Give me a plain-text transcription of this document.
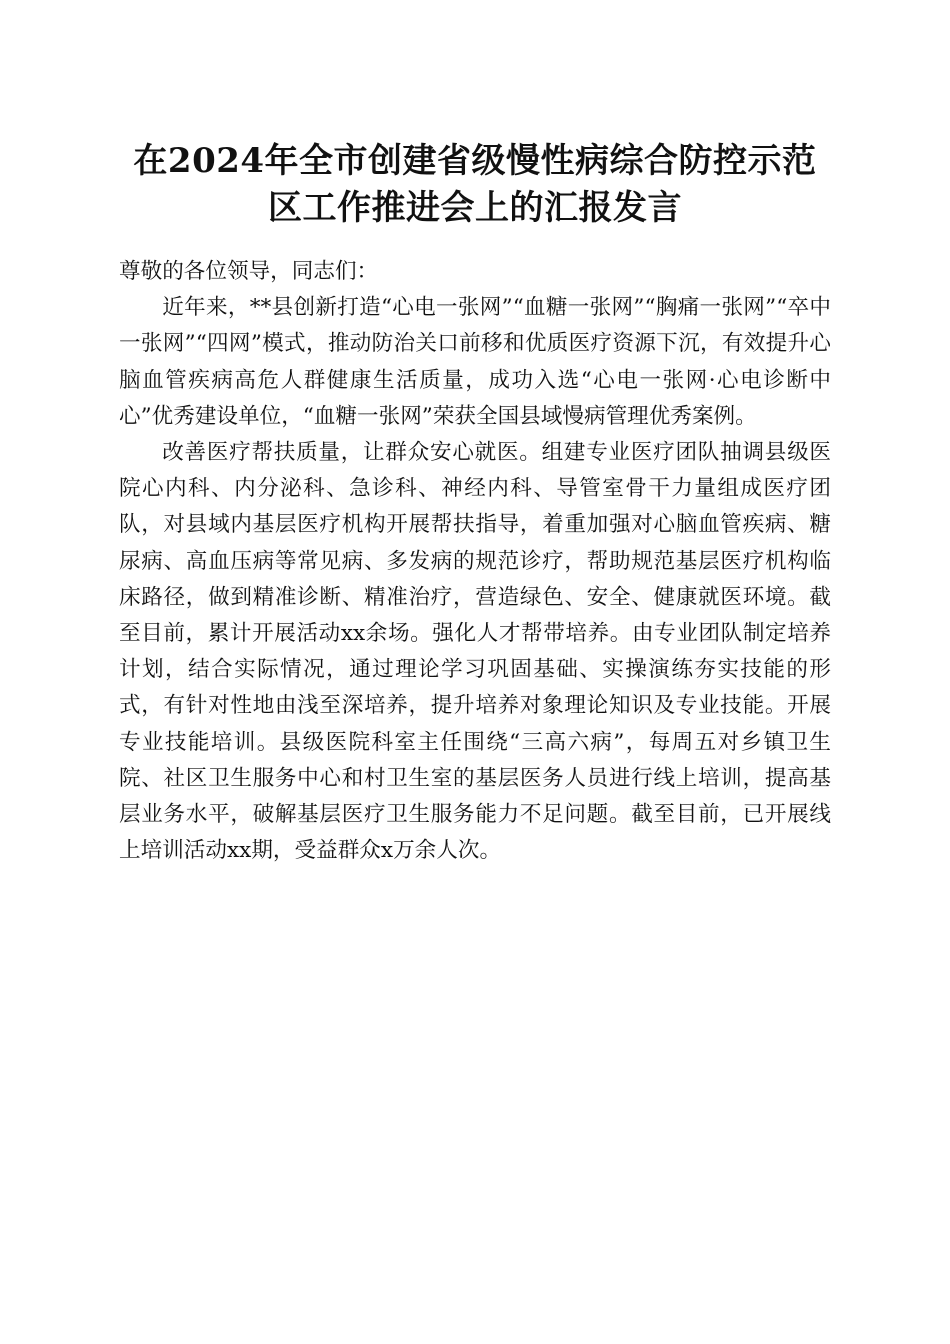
在2024年全市创建省级慢性病综合防控示范
区工作推进会上的汇报发言

尊敬的各位领导，同志们：

近年来，**县创新打造“心电一张网”“血糖一张网”“胸痛一张网”“卒中一张网”“四网”模式，推动防治关口前移和优质医疗资源下沉，有效提升心脑血管疾病高危人群健康生活质量，成功入选“心电一张网·心电诊断中心”优秀建设单位，“血糖一张网”荣获全国县域慢病管理优秀案例。

改善医疗帮扶质量，让群众安心就医。组建专业医疗团队抽调县级医院心内科、内分泌科、急诊科、神经内科、导管室骨干力量组成医疗团队，对县域内基层医疗机构开展帮扶指导，着重加强对心脑血管疾病、糖尿病、高血压病等常见病、多发病的规范诊疗，帮助规范基层医疗机构临床路径，做到精准诊断、精准治疗，营造绿色、安全、健康就医环境。截至目前，累计开展活动xx余场。强化人才帮带培养。由专业团队制定培养计划，结合实际情况，通过理论学习巩固基础、实操演练夯实技能的形式，有针对性地由浅至深培养，提升培养对象理论知识及专业技能。开展专业技能培训。县级医院科室主任围绕“三高六病”，每周五对乡镇卫生院、社区卫生服务中心和村卫生室的基层医务人员进行线上培训，提高基层业务水平，破解基层医疗卫生服务能力不足问题。截至目前，已开展线上培训活动xx期，受益群众x万余人次。
